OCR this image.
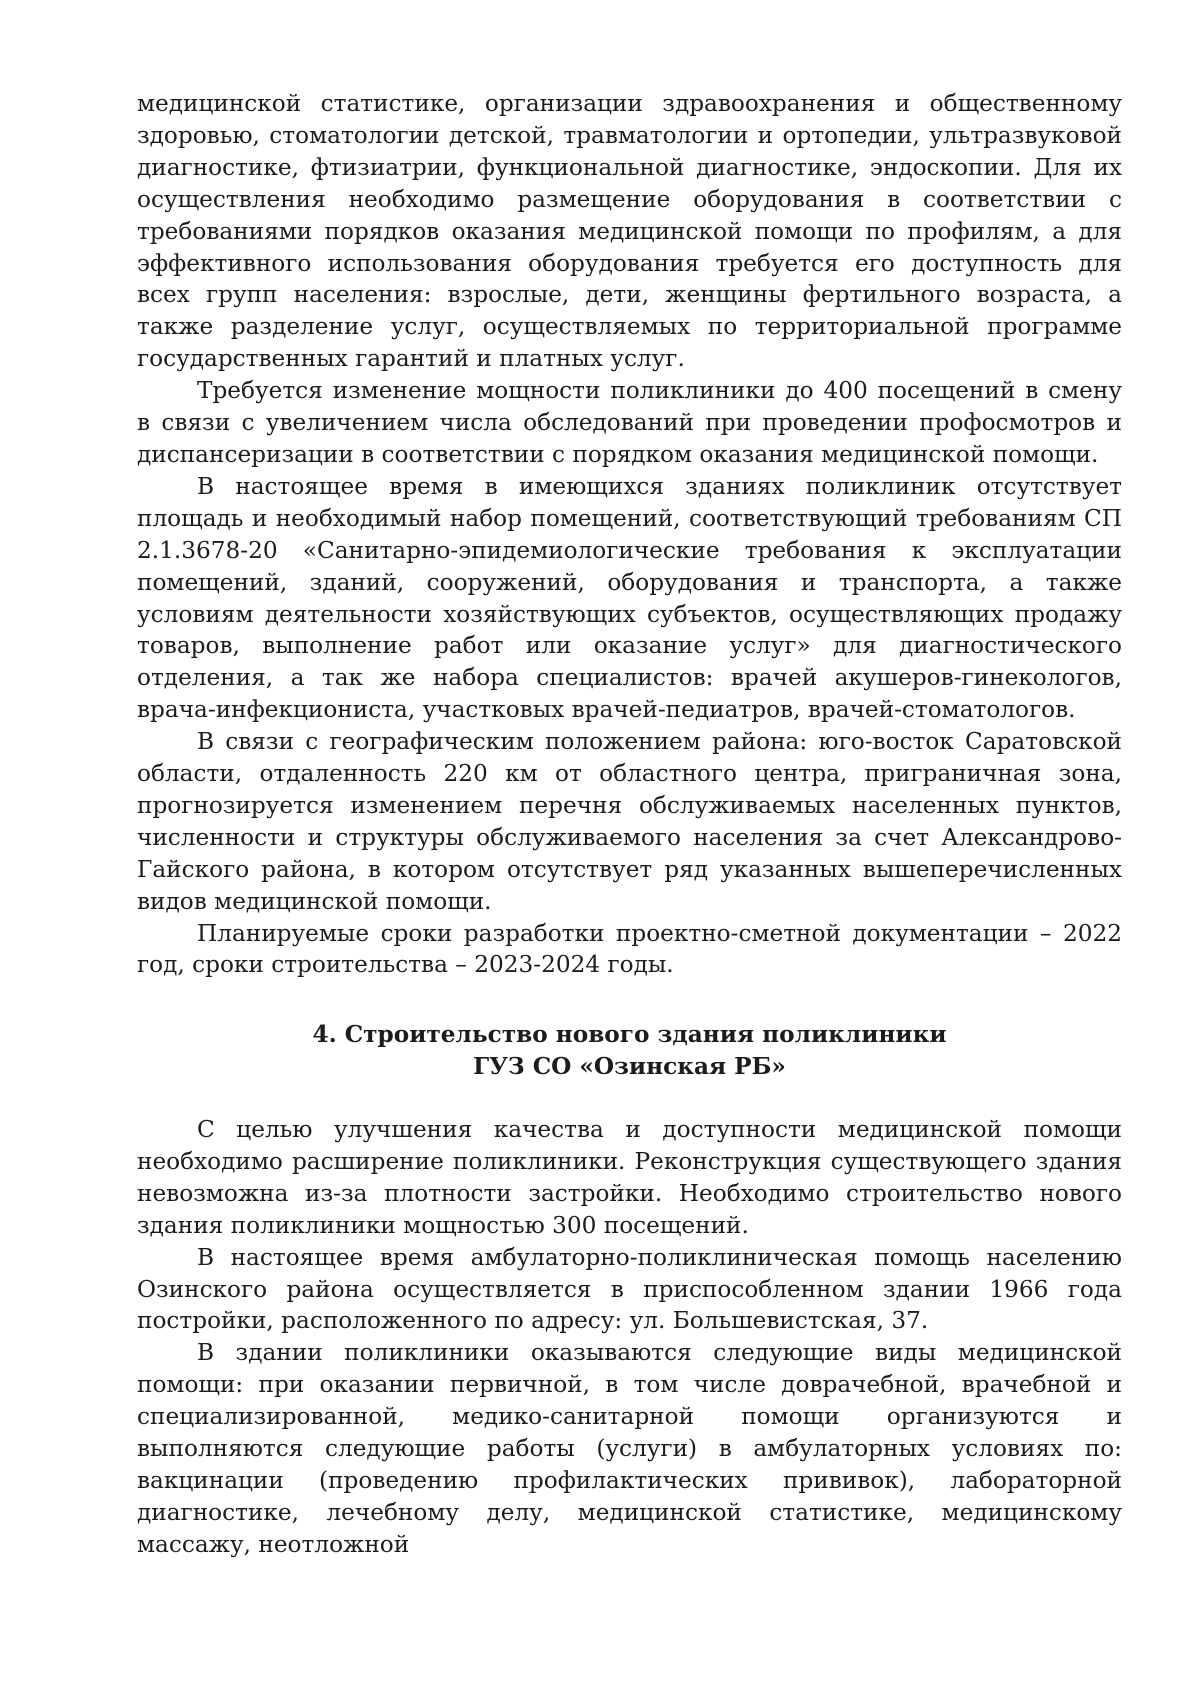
медицинской статистике, организации здравоохранения и общественному здоровью, стоматологии детской, травматологии и ортопедии, ультразвуковой диагностике, фтизиатрии, функциональной диагностике, эндоскопии. Для их осуществления необходимо размещение оборудования в соответствии с требованиями порядков оказания медицинской помощи по профилям, а для эффективного использования оборудования требуется его доступность для всех групп населения: взрослые, дети, женщины фертильного возраста, а также разделение услуг, осуществляемых по территориальной программе государственных гарантий и платных услуг.

Требуется изменение мощности поликлиники до 400 посещений в смену в связи с увеличением числа обследований при проведении профосмотров и диспансеризации в соответствии с порядком оказания медицинской помощи.

В настоящее время в имеющихся зданиях поликлиник отсутствует площадь и необходимый набор помещений, соответствующий требованиям СП 2.1.3678-20 «Санитарно-эпидемиологические требования к эксплуатации помещений, зданий, сооружений, оборудования и транспорта, а также условиям деятельности хозяйствующих субъектов, осуществляющих продажу товаров, выполнение работ или оказание услуг» для диагностического отделения, а так же набора специалистов: врачей акушеров-гинекологов, врача-инфекциониста, участковых врачей-педиатров, врачей-стоматологов.

В связи с географическим положением района: юго-восток Саратовской области, отдаленность 220 км от областного центра, приграничная зона, прогнозируется изменением перечня обслуживаемых населенных пунктов, численности и структуры обслуживаемого населения за счет Александрово-Гайского района, в котором отсутствует ряд указанных вышеперечисленных видов медицинской помощи.

Планируемые сроки разработки проектно-сметной документации – 2022 год, сроки строительства – 2023-2024 годы.

4. Строительство нового здания поликлиники
ГУЗ СО «Озинская РБ»

С целью улучшения качества и доступности медицинской помощи необходимо расширение поликлиники. Реконструкция существующего здания невозможна из-за плотности застройки. Необходимо строительство нового здания поликлиники мощностью 300 посещений.

В настоящее время амбулаторно-поликлиническая помощь населению Озинского района осуществляется в приспособленном здании 1966 года постройки, расположенного по адресу: ул. Большевистская, 37.

В здании поликлиники оказываются следующие виды медицинской помощи: при оказании первичной, в том числе доврачебной, врачебной и специализированной, медико-санитарной помощи организуются и выполняются следующие работы (услуги) в амбулаторных условиях по: вакцинации (проведению профилактических прививок), лабораторной диагностике, лечебному делу, медицинской статистике, медицинскому массажу, неотложной
